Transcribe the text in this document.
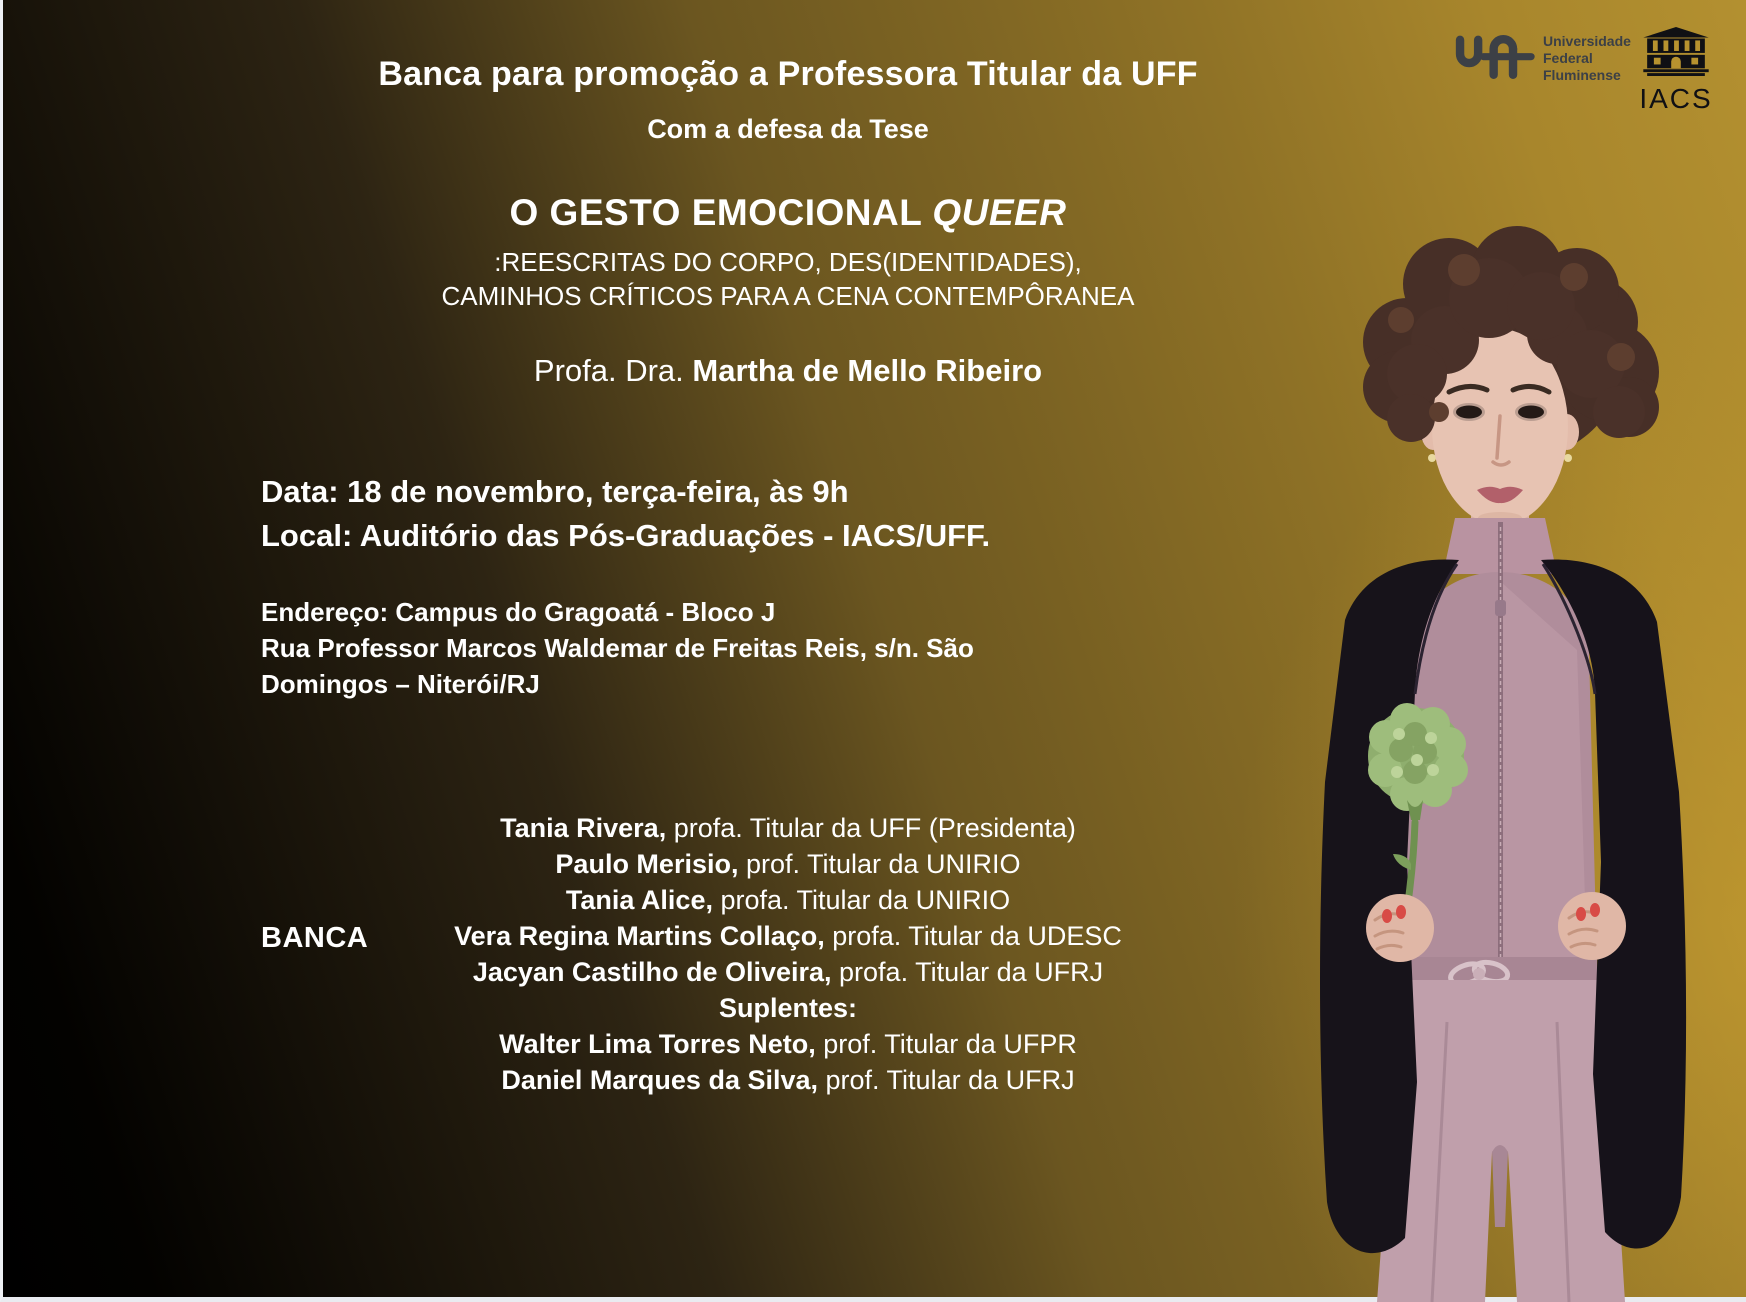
Banca para promoção a Professora Titular da UFF
Com a defesa da Tese
O GESTO EMOCIONAL QUEER
:REESCRITAS DO CORPO, DES(IDENTIDADES),
CAMINHOS CRÍTICOS PARA A CENA CONTEMPÔRANEA
Profa. Dra. Martha de Mello Ribeiro
Data: 18 de novembro, terça-feira, às 9h
Local: Auditório das Pós-Graduações - IACS/UFF.
Endereço: Campus do Gragoatá - Bloco J
Rua Professor Marcos Waldemar de Freitas Reis, s/n. São
Domingos – Niterói/RJ
BANCA
Tania Rivera, profa. Titular da UFF (Presidenta)
Paulo Merisio, prof. Titular da UNIRIO
Tania Alice, profa. Titular da UNIRIO
Vera Regina Martins Collaço, profa. Titular da UDESC
Jacyan Castilho de Oliveira, profa. Titular da UFRJ
Suplentes:
Walter Lima Torres Neto, prof. Titular da UFPR
Daniel Marques da Silva, prof. Titular da UFRJ
Universidade
Federal
Fluminense
IACS
